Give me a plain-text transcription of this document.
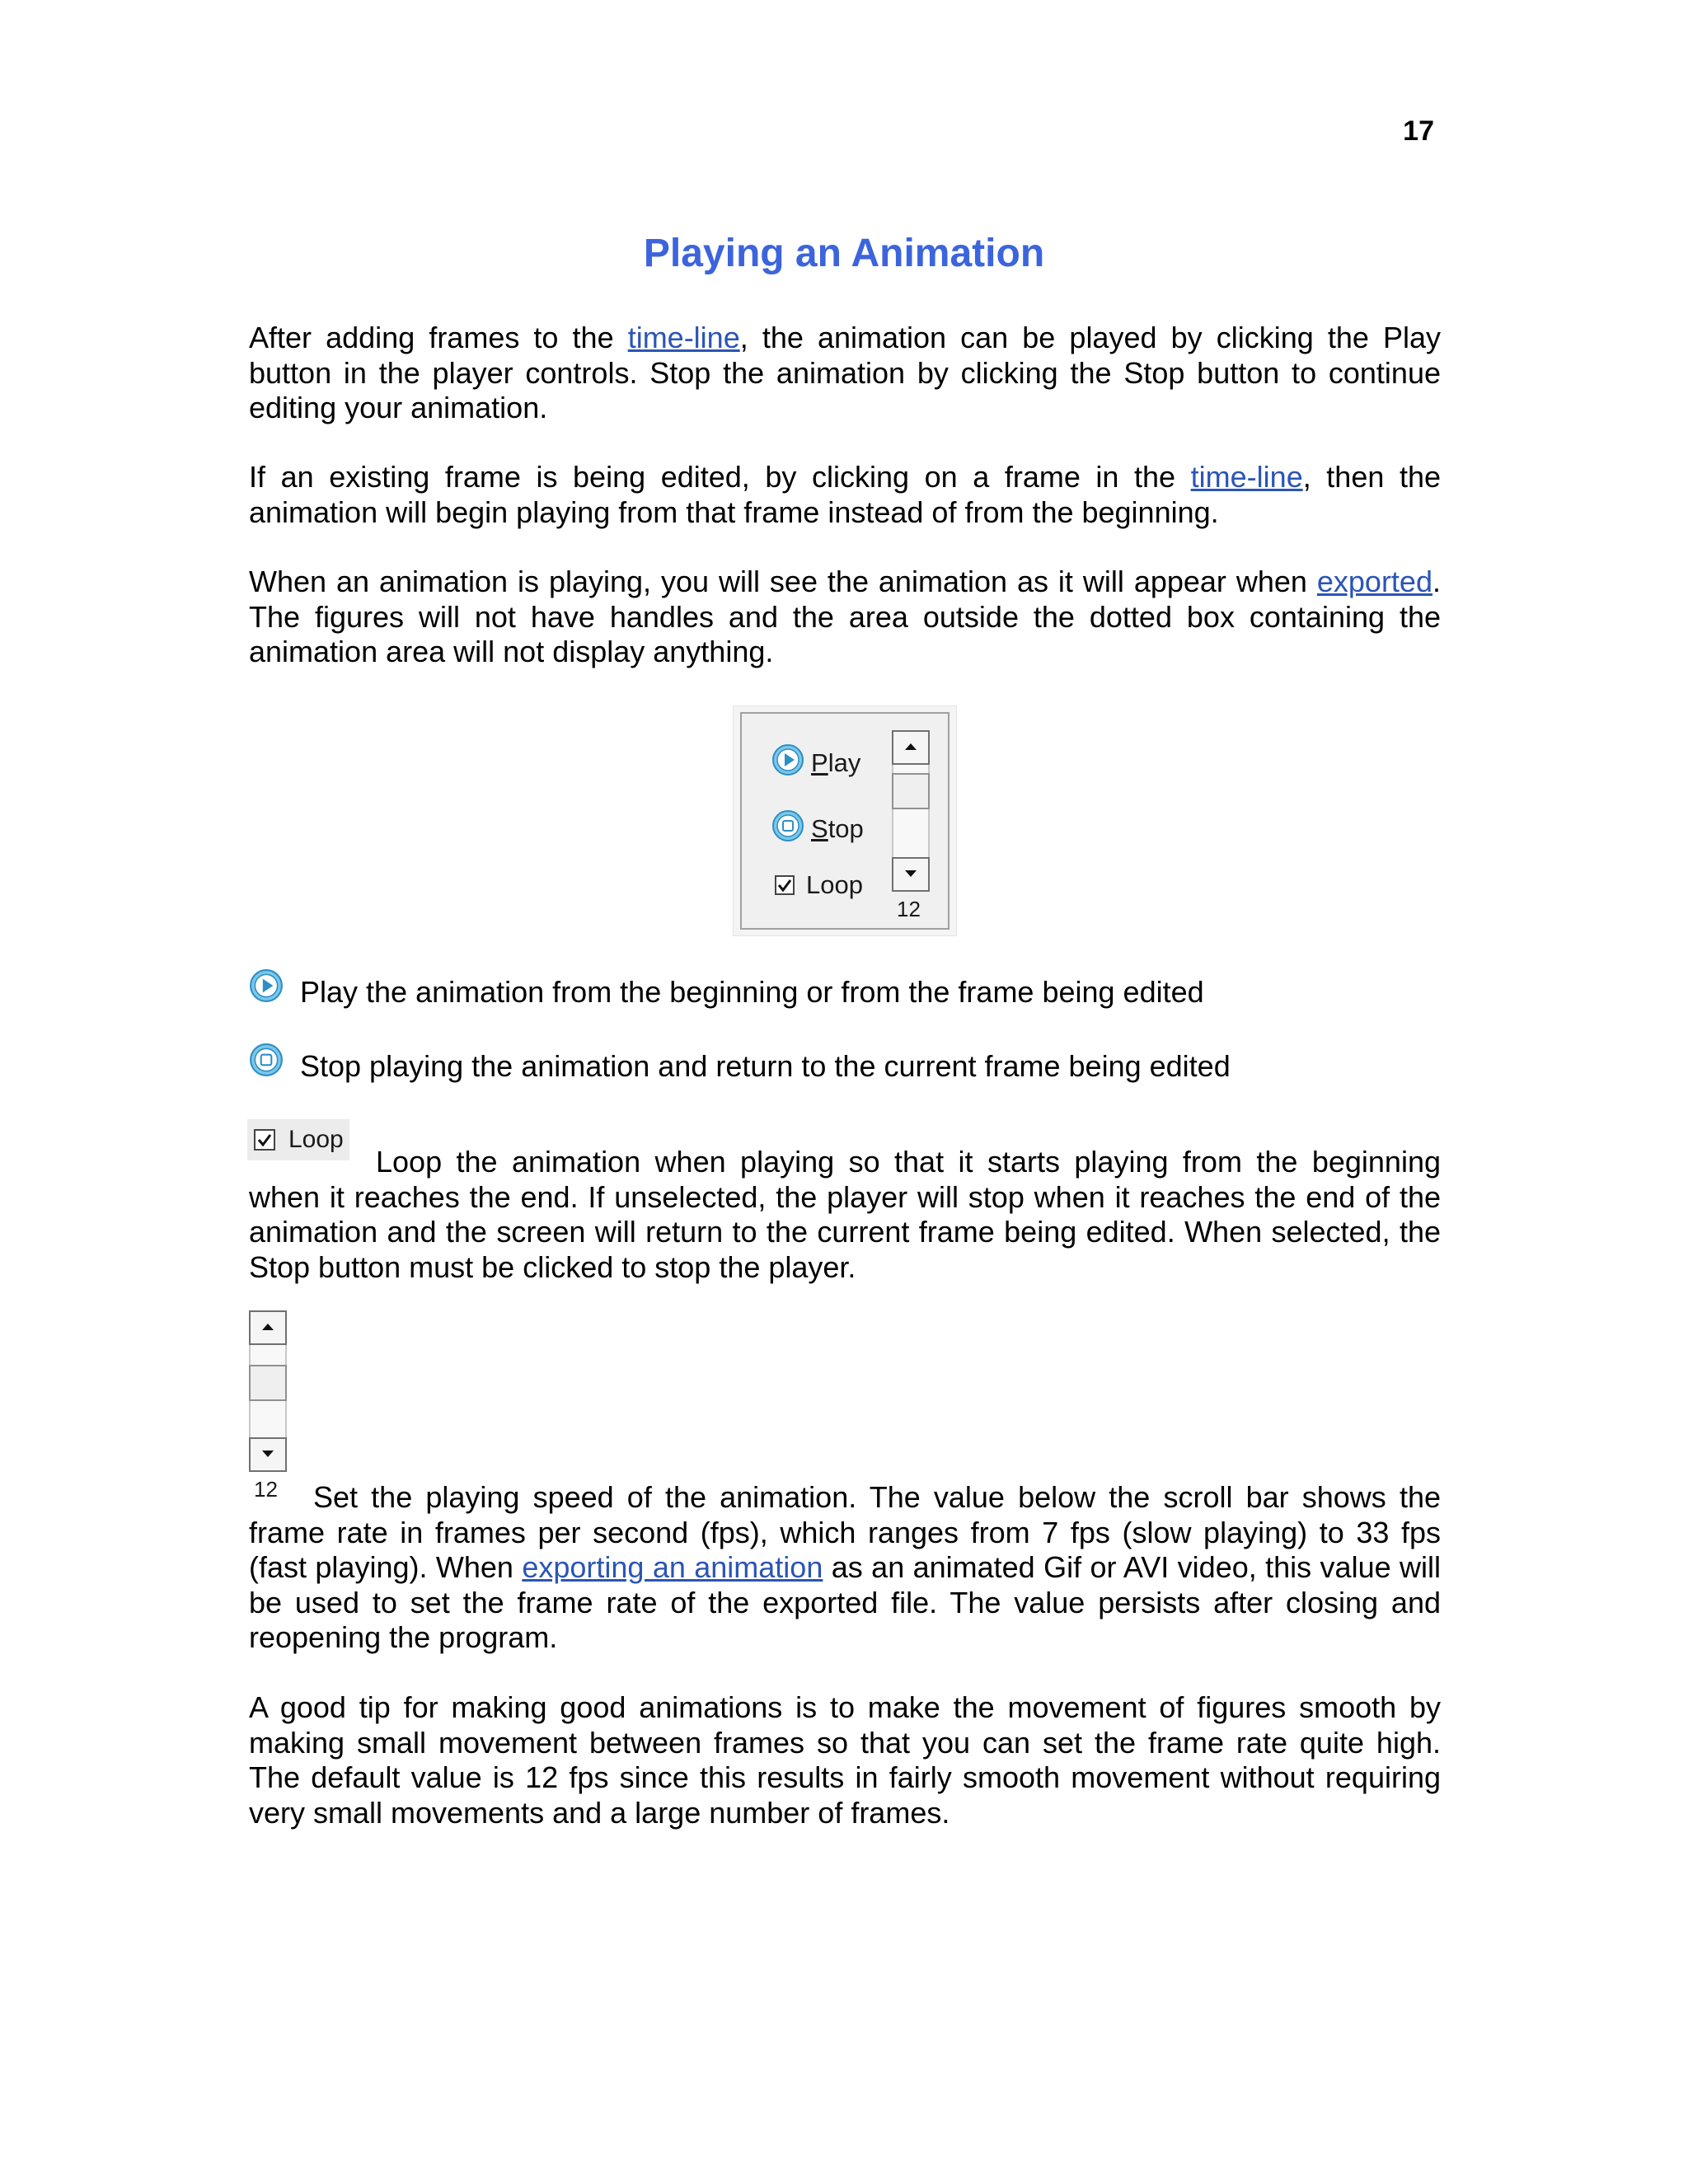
17
Playing an Animation

After adding frames to the time-line, the animation can be played by clicking the Play button in the player controls. Stop the animation by clicking the Stop button to continue editing your animation.

If an existing frame is being edited, by clicking on a frame in the time-line, then the animation will begin playing from that frame instead of from the beginning.

When an animation is playing, you will see the animation as it will appear when exported. The figures will not have handles and the area outside the dotted box containing the animation area will not display anything.

P lay
S top
Loop
12
Play the animation from the beginning or from the frame being edited
Stop playing the animation and return to the current frame being edited
Loop

Loop the animation when playing so that it starts playing from the beginning when it reaches the end. If unselected, the player will stop when it reaches the end of the animation and the screen will return to the current frame being edited. When selected, the Stop button must be clicked to stop the player.

12	Set the playing speed of the animation. The value below the scroll bar shows the frame rate in frames per second (fps), which ranges from 7 fps (slow playing) to 33 fps (fast playing). When exporting an animation as an animated Gif or AVI video, this value will be used to set the frame rate of the exported file. The value persists after closing and reopening the program.

A good tip for making good animations is to make the movement of figures smooth by making small movement between frames so that you can set the frame rate quite high. The default value is 12 fps since this results in fairly smooth movement without requiring very small movements and a large number of frames.
